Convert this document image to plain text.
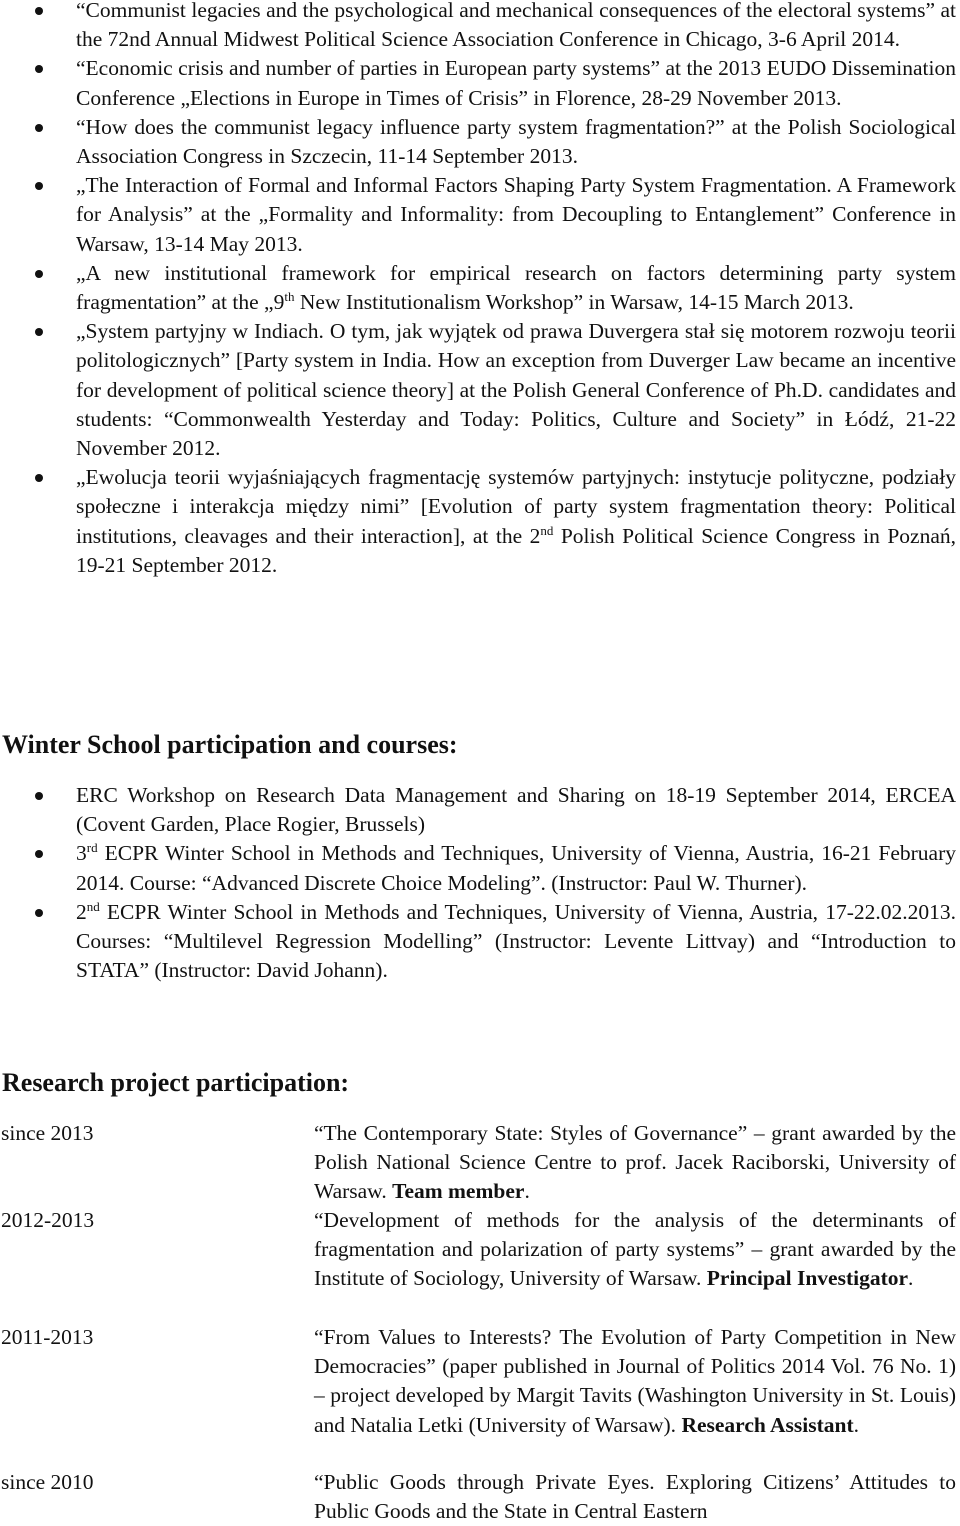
“Communist legacies and the psychological and mechanical consequences of the electoral systems” at the 72nd Annual Midwest Political Science Association Conference in Chicago, 3-6 April 2014.
“Economic crisis and number of parties in European party systems” at the 2013 EUDO Dissemination Conference „Elections in Europe in Times of Crisis” in Florence, 28-29 November 2013.
“How does the communist legacy influence party system fragmentation?” at the Polish Sociological Association Congress in Szczecin, 11-14 September 2013.
„The Interaction of Formal and Informal Factors Shaping Party System Fragmentation. A Framework for Analysis” at the „Formality and Informality: from Decoupling to Entanglement” Conference in Warsaw, 13-14 May 2013.
„A new institutional framework for empirical research on factors determining party system fragmentation” at the „9th New Institutionalism Workshop” in Warsaw, 14-15 March 2013.
„System partyjny w Indiach. O tym, jak wyjątek od prawa Duvergera stał się motorem rozwoju teorii politologicznych” [Party system in India. How an exception from Duverger Law became an incentive for development of political science theory] at the Polish General Conference of Ph.D. candidates and students: “Commonwealth Yesterday and Today: Politics, Culture and Society” in Łódź, 21-22 November 2012.
„Ewolucja teorii wyjaśniających fragmentację systemów partyjnych: instytucje polityczne, podziały społeczne i interakcja między nimi” [Evolution of party system fragmentation theory: Political institutions, cleavages and their interaction], at the 2nd Polish Political Science Congress in Poznań, 19-21 September 2012.
Winter School participation and courses:
ERC Workshop on Research Data Management and Sharing on 18-19 September 2014, ERCEA (Covent Garden, Place Rogier, Brussels)
3rd ECPR Winter School in Methods and Techniques, University of Vienna, Austria, 16-21 February 2014. Course: “Advanced Discrete Choice Modeling”. (Instructor: Paul W. Thurner).
2nd ECPR Winter School in Methods and Techniques, University of Vienna, Austria, 17-22.02.2013. Courses: “Multilevel Regression Modelling” (Instructor: Levente Littvay) and “Introduction to STATA” (Instructor: David Johann).
Research project participation:
since 2013	“The Contemporary State: Styles of Governance” – grant awarded by the Polish National Science Centre to prof. Jacek Raciborski, University of Warsaw. Team member.
2012-2013	“Development of methods for the analysis of the determinants of fragmentation and polarization of party systems” – grant awarded by the Institute of Sociology, University of Warsaw. Principal Investigator.
2011-2013	“From Values to Interests? The Evolution of Party Competition in New Democracies” (paper published in Journal of Politics 2014 Vol. 76 No. 1) – project developed by Margit Tavits (Washington University in St. Louis) and Natalia Letki (University of Warsaw). Research Assistant.
since 2010	“Public Goods through Private Eyes. Exploring Citizens’ Attitudes to Public Goods and the State in Central Eastern
